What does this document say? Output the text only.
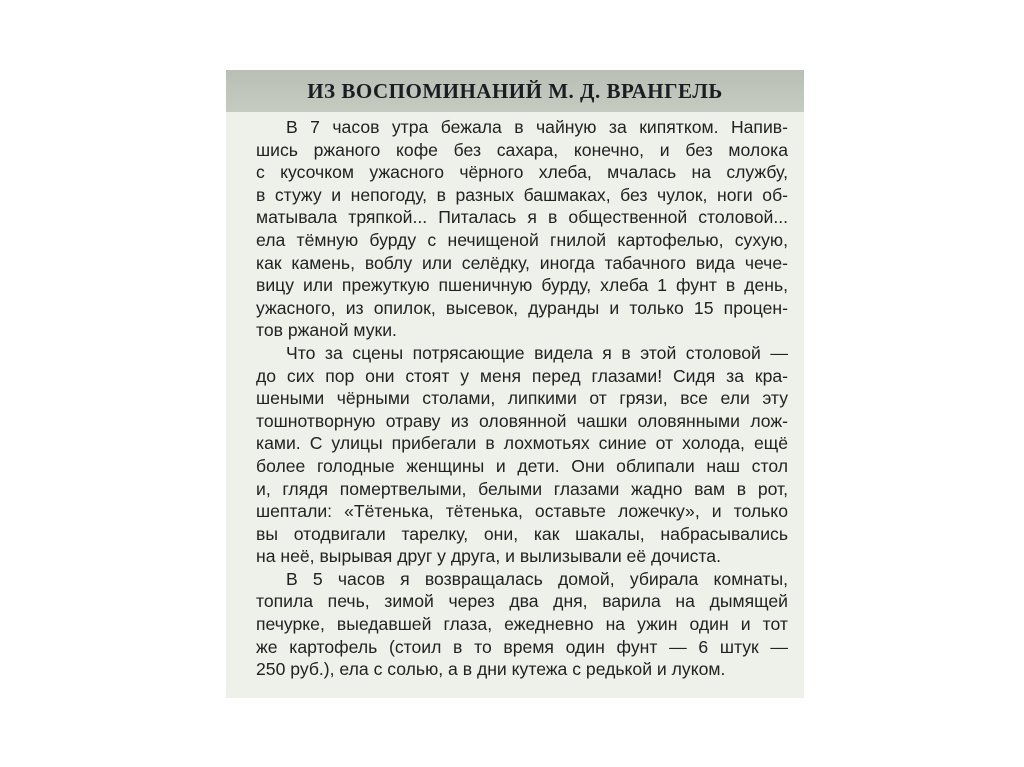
ИЗ ВОСПОМИНАНИЙ М. Д. ВРАНГЕЛЬ
В 7 часов утра бежала в чайную за кипятком. Напив-
шись ржаного кофе без сахара, конечно, и без молока
с кусочком ужасного чёрного хлеба, мчалась на службу,
в стужу и непогоду, в разных башмаках, без чулок, ноги об-
матывала тряпкой... Питалась я в общественной столовой...
ела тёмную бурду с нечищеной гнилой картофелью, сухую,
как камень, воблу или селёдку, иногда табачного вида чече-
вицу или прежуткую пшеничную бурду, хлеба 1 фунт в день,
ужасного, из опилок, высевок, дуранды и только 15 процен-
тов ржаной муки.
Что за сцены потрясающие видела я в этой столовой —
до сих пор они стоят у меня перед глазами! Сидя за кра-
шеными чёрными столами, липкими от грязи, все ели эту
тошнотворную отраву из оловянной чашки оловянными лож-
ками. С улицы прибегали в лохмотьях синие от холода, ещё
более голодные женщины и дети. Они облипали наш стол
и, глядя помертвелыми, белыми глазами жадно вам в рот,
шептали: «Тётенька, тётенька, оставьте ложечку», и только
вы отодвигали тарелку, они, как шакалы, набрасывались
на неё, вырывая друг у друга, и вылизывали её дочиста.
В 5 часов я возвращалась домой, убирала комнаты,
топила печь, зимой через два дня, варила на дымящей
печурке, выедавшей глаза, ежедневно на ужин один и тот
же картофель (стоил в то время один фунт — 6 штук —
250 руб.), ела с солью, а в дни кутежа с редькой и луком.
